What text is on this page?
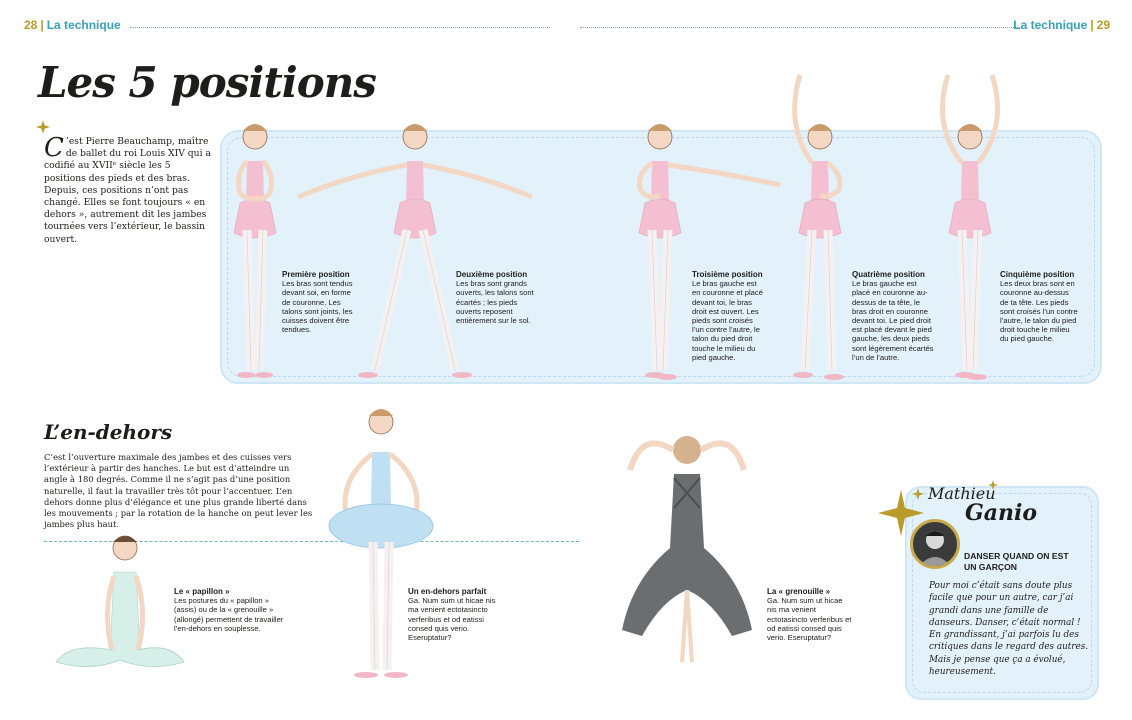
28 | La technique	La technique | 29
Les 5 positions
C ’est Pierre Beauchamp, maître de ballet du roi Louis XIV qui a codifié au XVIIᵉ siècle les 5 positions des pieds et des bras. Depuis, ces positions n’ont pas changé. Elles se font toujours « en dehors », autrement dit les jambes tournées vers l’extérieur, le bassin ouvert.
Première position
Les bras sont tendus devant soi, en forme de couronne. Les talons sont joints, les cuisses doivent être tendues.
Deuxième position
Les bras sont grands ouverts, les talons sont écartés ; les pieds ouverts reposent entièrement sur le sol.
Troisième position
Le bras gauche est en couronne et placé devant toi, le bras droit est ouvert. Les pieds sont croisés l’un contre l’autre, le talon du pied droit touche le milieu du pied gauche.
Quatrième position
Le bras gauche est placé en couronne au-dessus de ta tête, le bras droit en couronne devant toi. Le pied droit est placé devant le pied gauche, les deux pieds sont légèrement écartés l’un de l’autre.
Cinquième position
Les deux bras sont en couronne au-dessus de ta tête. Les pieds sont croisés l’un contre l’autre, le talon du pied droit touche le milieu du pied gauche.
L’en-dehors
C’est l’ouverture maximale des jambes et des cuisses vers l’extérieur à partir des hanches. Le but est d’atteindre un angle à 180 degrés. Comme il ne s’agit pas d’une position naturelle, il faut la travailler très tôt pour l’accentuer. L’en dehors donne plus d’élégance et une plus grande liberté dans les mouvements ; par la rotation de la hanche on peut lever les jambes plus haut.
Le « papillon »
Les postures du « papillon » (assis) ou de la « grenouille » (allongé) permettent de travailler l’en-dehors en souplesse.
Un en-dehors parfait
Ga. Num sum ut hicae nis ma venient ectotasincto verferibus et od eatissi consed quis verio. Eseruptatur?
La « grenouille »
Ga. Num sum ut hicae nis ma venient ectotasincto verferibus et od eatissi consed quis verio. Eseruptatur?
Mathieu
Ganio
DANSER QUAND ON EST UN GARÇON
Pour moi c’était sans doute plus facile que pour un autre, car j’ai grandi dans une famille de danseurs. Danser, c’était normal ! En grandissant, j’ai parfois lu des critiques dans le regard des autres. Mais je pense que ça a évolué, heureusement.
